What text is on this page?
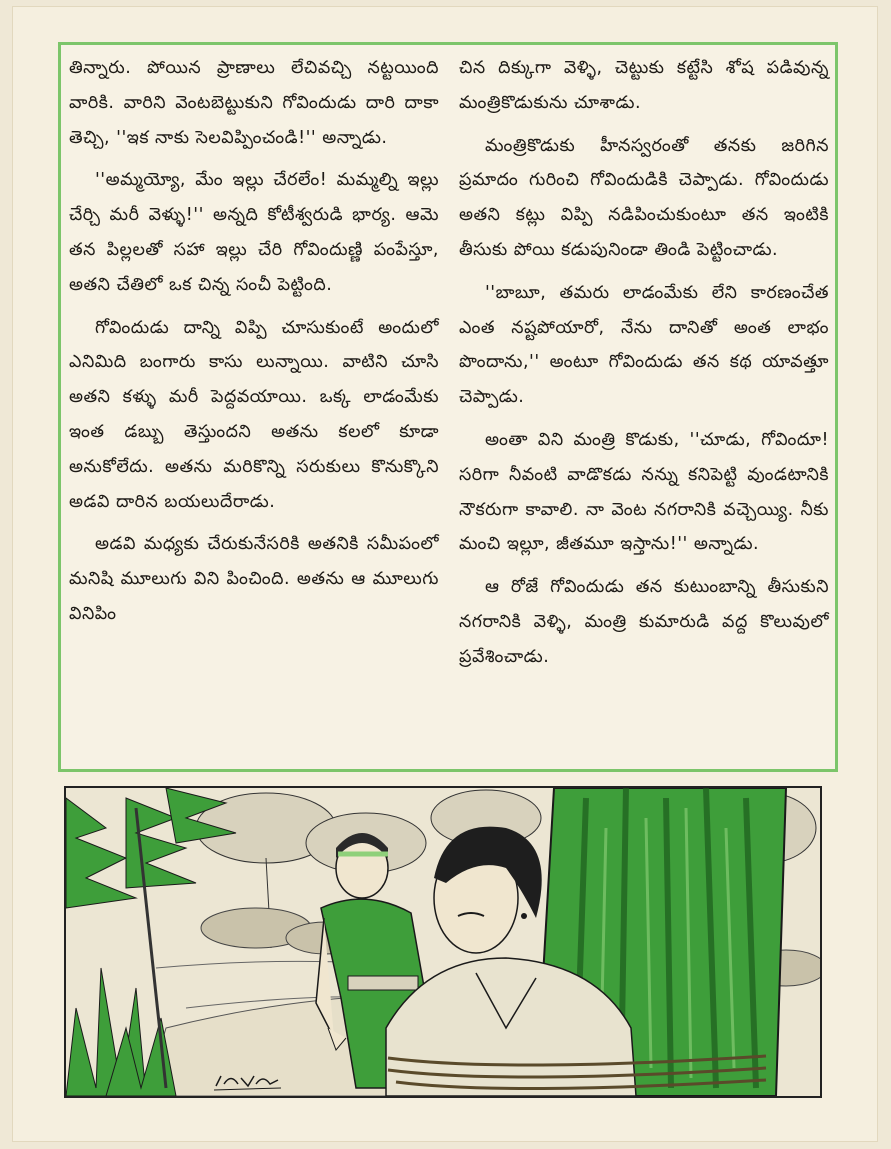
తిన్నారు. పోయిన ప్రాణాలు లేచివచ్చి నట్టయింది వారికి. వారిని వెంటబెట్టుకుని గోవిందుడు దారి దాకా తెచ్చి, ''ఇక నాకు సెలవిప్పించండి!'' అన్నాడు.

''అమ్మయ్యో, మేం ఇల్లు చేరలేం! మమ్మల్ని ఇల్లు చేర్చి మరీ వెళ్ళు!'' అన్నది కోటీశ్వరుడి భార్య. ఆమె తన పిల్లలతో సహా ఇల్లు చేరి గోవిందుణ్ణి పంపేస్తూ, అతని చేతిలో ఒక చిన్న సంచీ పెట్టింది.

గోవిందుడు దాన్ని విప్పి చూసుకుంటే అందులో ఎనిమిది బంగారు కాసు లున్నాయి. వాటిని చూసి అతని కళ్ళు మరీ పెద్దవయాయి. ఒక్క లాడంమేకు ఇంత డబ్బు తెస్తుందని అతను కలలో కూడా అనుకోలేదు. అతను మరికొన్ని సరుకులు కొనుక్కొని అడవి దారిన బయలుదేరాడు.

అడవి మధ్యకు చేరుకునేసరికి అతనికి సమీపంలో మనిషి మూలుగు విని పించింది. అతను ఆ మూలుగు వినిపిం

చిన దిక్కుగా వెళ్ళి, చెట్టుకు కట్టేసి శోష పడివున్న మంత్రికొడుకును చూశాడు.

మంత్రికొడుకు హీనస్వరంతో తనకు జరిగిన ప్రమాదం గురించి గోవిందుడికి చెప్పాడు. గోవిందుడు అతని కట్లు విప్పి నడిపించుకుంటూ తన ఇంటికి తీసుకు పోయి కడుపునిండా తిండి పెట్టించాడు.

''బాబూ, తమరు లాడంమేకు లేని కారణంచేత ఎంత నష్టపోయారో, నేను దానితో అంత లాభం పొందాను,'' అంటూ గోవిందుడు తన కథ యావత్తూ చెప్పాడు.

అంతా విని మంత్రి కొడుకు, ''చూడు, గోవిందూ! సరిగా నీవంటి వాడొకడు నన్ను కనిపెట్టి వుండటానికి నౌకరుగా కావాలి. నా వెంట నగరానికి వచ్చెయ్యి. నీకు మంచి ఇల్లూ, జీతమూ ఇస్తాను!'' అన్నాడు.

ఆ రోజే గోవిందుడు తన కుటుంబాన్ని తీసుకుని నగరానికి వెళ్ళి, మంత్రి కుమారుడి వద్ద కొలువులో ప్రవేశించాడు.
